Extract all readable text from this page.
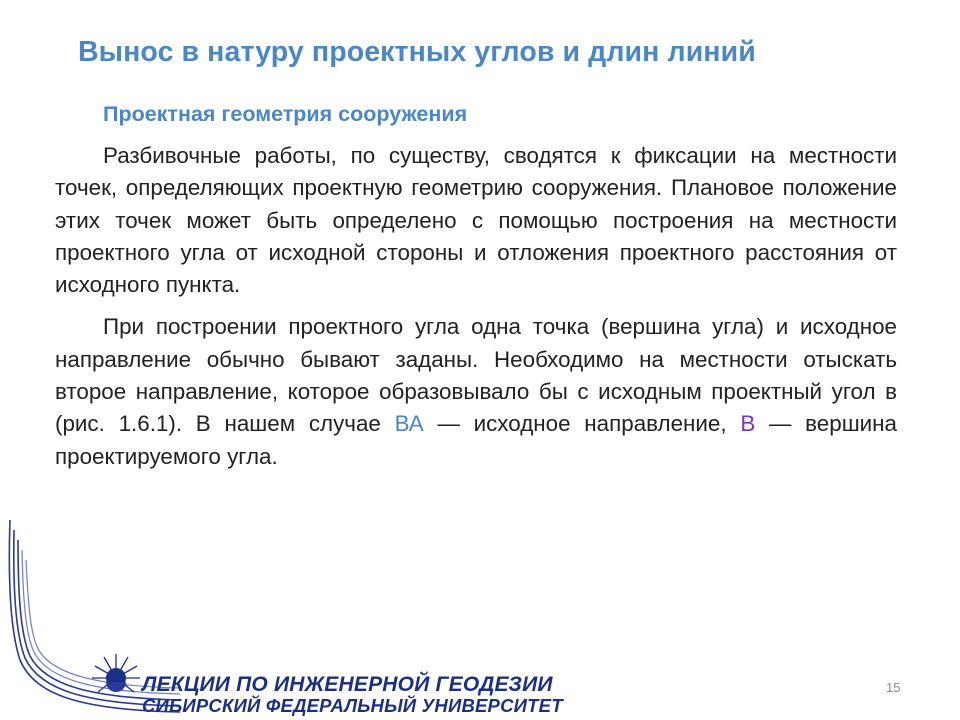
Вынос в натуру проектных углов и длин линий
Проектная геометрия сооружения

Разбивочные работы, по существу, сводятся к фиксации на местности точек, определяющих проектную геометрию сооружения. Плановое положение этих точек может быть определено с помощью построения на местности проектного угла от исходной стороны и отложения проектного расстояния от исходного пункта.

При построении проектного угла одна точка (вершина угла) и исходное направление обычно бывают заданы. Необходимо на местности отыскать второе направление, которое образовывало бы с исходным проектный угол в (рис. 1.6.1). В нашем случае ВА — исходное направление, В — вершина проектируемого угла.

ЛЕКЦИИ ПО ИНЖЕНЕРНОЙ ГЕОДЕЗИИ
СИБИРСКИЙ ФЕДЕРАЛЬНЫЙ УНИВЕРСИТЕТ
15
